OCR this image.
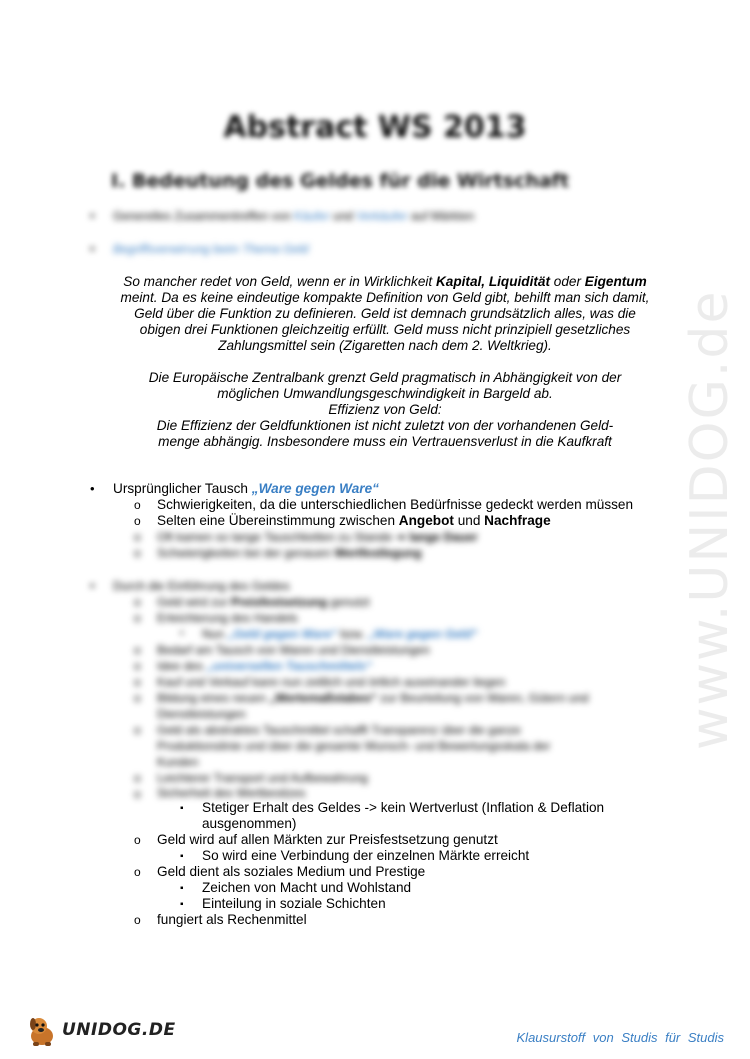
Abstract WS 2013
I. Bedeutung des Geldes für die Wirtschaft
• Generelles Zusammentreffen von Käufer und Verkäufer auf Märkten
• Begriffsverwirrung beim Thema Geld
So mancher redet von Geld, wenn er in Wirklichkeit Kapital, Liquidität oder Eigentum
meint. Da es keine eindeutige kompakte Definition von Geld gibt, behilft man sich damit,
Geld über die Funktion zu definieren. Geld ist demnach grundsätzlich alles, was die
obigen drei Funktionen gleichzeitig erfüllt. Geld muss nicht prinzipiell gesetzliches
Zahlungsmittel sein (Zigaretten nach dem 2. Weltkrieg).
Die Europäische Zentralbank grenzt Geld pragmatisch in Abhängigkeit von der
möglichen Umwandlungsgeschwindigkeit in Bargeld ab.
Effizienz von Geld:
Die Effizienz der Geldfunktionen ist nicht zuletzt von der vorhandenen Geld-
menge abhängig. Insbesondere muss ein Vertrauensverlust in die Kaufkraft
• Ursprünglicher Tausch „Ware gegen Ware“
o Schwierigkeiten, da die unterschiedlichen Bedürfnisse gedeckt werden müssen
o Selten eine Übereinstimmung zwischen Angebot und Nachfrage
o Oft kamen so lange Tauschketten zu Stande ➔ lange Dauer
o Schwierigkeiten bei der genauen Wertfestlegung
• Durch die Einführung des Geldes
o Geld wird zur Preisfestsetzung genutzt
o Erleichterung des Handels
▪ Nun „Geld gegen Ware“ bzw. „Ware gegen Geld“
o Bedarf am Tausch von Waren und Dienstleistungen
o Idee des „universellen Tauschmittels“
o Kauf und Verkauf kann nun zeitlich und örtlich auseinander liegen
o Bildung eines neuen „Wertemaßstabes“ zur Beurteilung von Waren, Gütern und
Dienstleistungen
o Geld als abstraktes Tauschmittel schafft Transparenz über die ganze
Produktionslinie und über die gesamte Wunsch- und Bewertungsskala der
Kunden
o Leichterer Transport und Aufbewahrung
o Sicherheit des Wertbesitzes
▪ Stetiger Erhalt des Geldes -> kein Wertverlust (Inflation & Deflation
ausgenommen)
o Geld wird auf allen Märkten zur Preisfestsetzung genutzt
▪ So wird eine Verbindung der einzelnen Märkte erreicht
o Geld dient als soziales Medium und Prestige
▪ Zeichen von Macht und Wohlstand
▪ Einteilung in soziale Schichten
o fungiert als Rechenmittel
www.UNIDOG.de
UNIDOG.DE	Klausurstoff von Studis für Studis
